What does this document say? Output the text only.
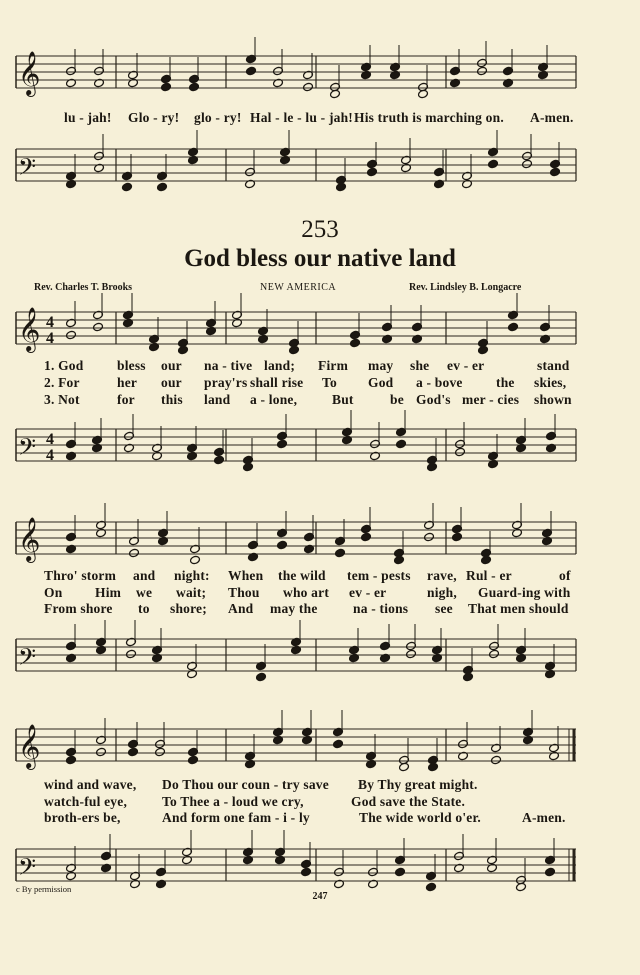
𝄞
lu - jah! Glo - ry! glo - ry! Hal - le - lu - jah! His truth is marching on. A-men.
𝄢
253
God bless our native land
Rev. Charles T. Brooks	NEW AMERICA	Rev. Lindsley B. Longacre
𝄞 4
4
1. God bless our na - tive land; Firm may she ev - er	stand
2. For	her our pray'rs shall rise To God a - bove the skies,
3. Not	for this land a - lone,	But	be God's mer - cies shown
𝄢 4
4
𝄞
Thro' storm and night: When the wild tem - pests rave, Rul - er	of
On Him we wait; Thou who art ev - er	nigh, Guard-ing with
From shore to shore; And may the	na - tions see That men should
𝄢
𝄞
wind and wave, Do Thou our coun - try save By Thy great might.
watch-ful eye,	To Thee a - loud we cry,	God save the State.
broth-ers be,	And form one fam - i - ly	The wide world o'er.	A-men.
𝄢
c By permission
247
